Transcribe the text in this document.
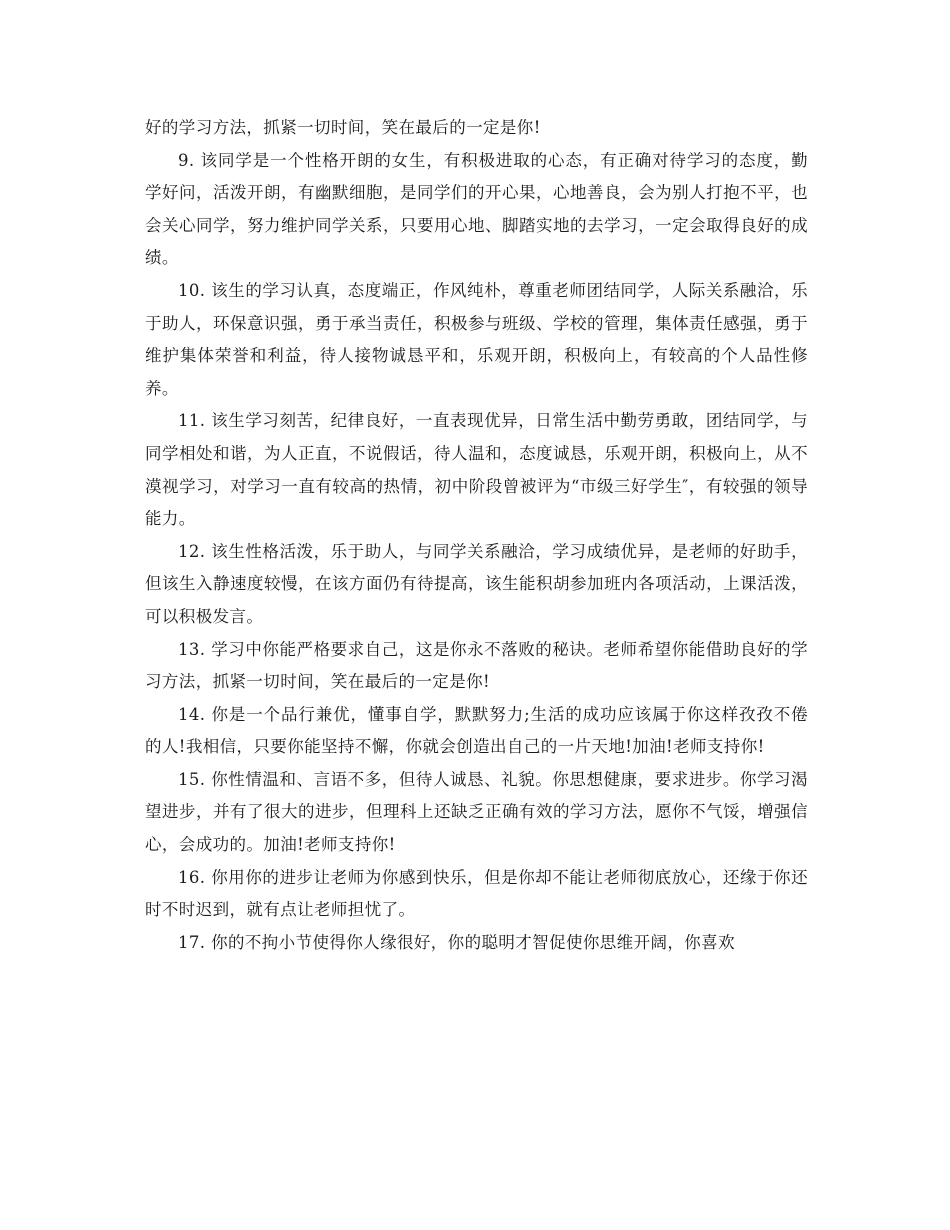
好的学习方法，抓紧一切时间，笑在最后的一定是你!

9. 该同学是一个性格开朗的女生，有积极进取的心态，有正确对待学习的态度，勤学好问，活泼开朗，有幽默细胞，是同学们的开心果，心地善良，会为别人打抱不平，也会关心同学，努力维护同学关系，只要用心地、脚踏实地的去学习，一定会取得良好的成绩。

10. 该生的学习认真，态度端正，作风纯朴，尊重老师团结同学，人际关系融洽，乐于助人，环保意识强，勇于承当责任，积极参与班级、学校的管理，集体责任感强，勇于维护集体荣誉和利益，待人接物诚恳平和，乐观开朗，积极向上，有较高的个人品性修养。

11. 该生学习刻苦，纪律良好，一直表现优异，日常生活中勤劳勇敢，团结同学，与同学相处和谐，为人正直，不说假话，待人温和，态度诚恳，乐观开朗，积极向上，从不漠视学习，对学习一直有较高的热情，初中阶段曾被评为“市级三好学生″，有较强的领导能力。

12. 该生性格活泼，乐于助人，与同学关系融洽，学习成绩优异，是老师的好助手，但该生入静速度较慢，在该方面仍有待提高，该生能积胡参加班内各项活动，上课活泼，可以积极发言。

13. 学习中你能严格要求自己，这是你永不落败的秘诀。老师希望你能借助良好的学习方法，抓紧一切时间，笑在最后的一定是你!

14. 你是一个品行兼优，懂事自学，默默努力;生活的成功应该属于你这样孜孜不倦的人!我相信，只要你能坚持不懈，你就会创造出自己的一片天地!加油!老师支持你!

15. 你性情温和、言语不多，但待人诚恳、礼貌。你思想健康，要求进步。你学习渴望进步，并有了很大的进步，但理科上还缺乏正确有效的学习方法，愿你不气馁，增强信心，会成功的。加油!老师支持你!

16. 你用你的进步让老师为你感到快乐，但是你却不能让老师彻底放心，还缘于你还时不时迟到，就有点让老师担忧了。

17. 你的不拘小节使得你人缘很好，你的聪明才智促使你思维开阔，你喜欢
